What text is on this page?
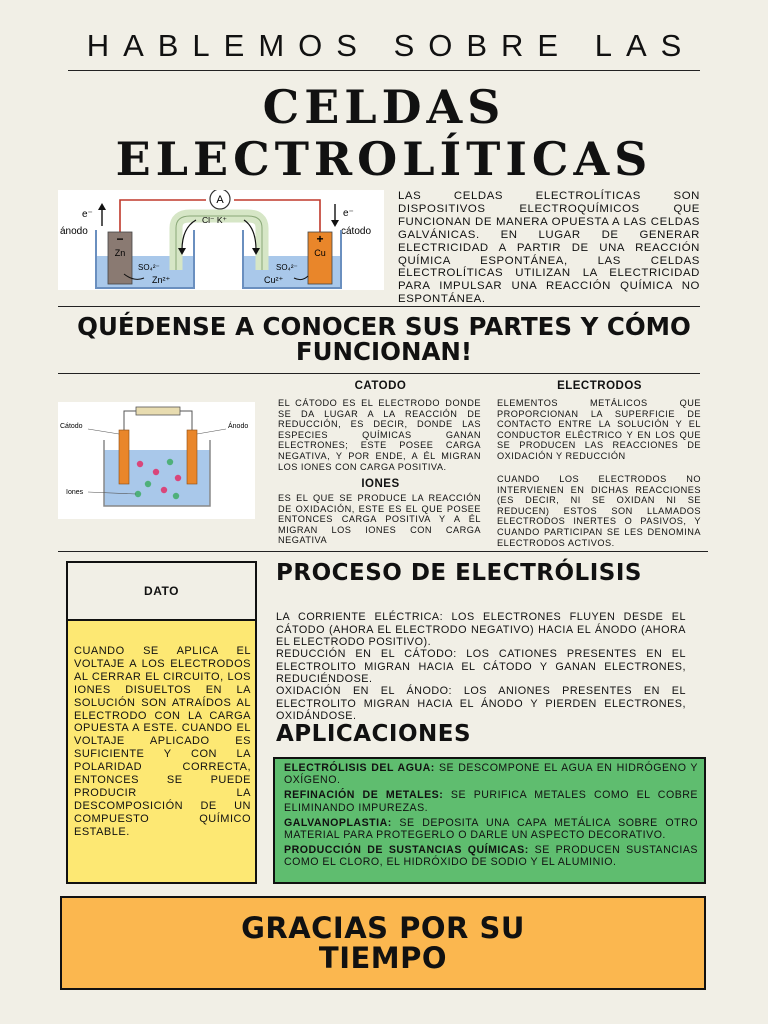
HABLEMOS SOBRE LAS
CELDAS
ELECTROLÍTICAS
A
e⁻	e⁻
ánodo	cátodo
Cl⁻ K⁺
−	+
Zn	Cu
SO₄²⁻	SO₄²⁻
Zn²⁺	Cu²⁺
LAS CELDAS ELECTROLÍTICAS SON DISPOSITIVOS ELECTROQUÍMICOS QUE FUNCIONAN DE MANERA OPUESTA A LAS CELDAS GALVÁNICAS. EN LUGAR DE GENERAR ELECTRICIDAD A PARTIR DE UNA REACCIÓN QUÍMICA ESPONTÁNEA, LAS CELDAS ELECTROLÍTICAS UTILIZAN LA ELECTRICIDAD PARA IMPULSAR UNA REACCIÓN QUÍMICA NO ESPONTÁNEA.
QUÉDENSE A CONOCER SUS PARTES Y CÓMO FUNCIONAN!
Cátodo	Ánodo
Iones
CATODO
EL CÁTODO ES EL ELECTRODO DONDE SE DA LUGAR A LA REACCIÓN DE REDUCCIÓN, ES DECIR, DONDE LAS ESPECIES QUÍMICAS GANAN ELECTRONES; ESTE POSEE CARGA NEGATIVA, Y POR ENDE, A ÉL MIGRAN LOS IONES CON CARGA POSITIVA.
IONES
ES EL QUE SE PRODUCE LA REACCIÓN DE OXIDACIÓN, ESTE ES EL QUE POSEE ENTONCES CARGA POSITIVA Y A ÉL MIGRAN LOS IONES CON CARGA NEGATIVA
ELECTRODOS
ELEMENTOS METÁLICOS QUE PROPORCIONAN LA SUPERFICIE DE CONTACTO ENTRE LA SOLUCIÓN Y EL CONDUCTOR ELÉCTRICO Y EN LOS QUE SE PRODUCEN LAS REACCIONES DE OXIDACIÓN Y REDUCCIÓN
CUANDO LOS ELECTRODOS NO INTERVIENEN EN DICHAS REACCIONES (ES DECIR, NI SE OXIDAN NI SE REDUCEN) ESTOS SON LLAMADOS ELECTRODOS INERTES O PASIVOS, Y CUANDO PARTICIPAN SE LES DENOMINA ELECTRODOS ACTIVOS.
DATO
CUANDO SE APLICA EL VOLTAJE A LOS ELECTRODOS AL CERRAR EL CIRCUITO, LOS IONES DISUELTOS EN LA SOLUCIÓN SON ATRAÍDOS AL ELECTRODO CON LA CARGA OPUESTA A ESTE. CUANDO EL VOLTAJE APLICADO ES SUFICIENTE Y CON LA POLARIDAD CORRECTA, ENTONCES SE PUEDE PRODUCIR LA DESCOMPOSICIÓN DE UN COMPUESTO QUÍMICO ESTABLE.
PROCESO DE ELECTRÓLISIS
LA CORRIENTE ELÉCTRICA: LOS ELECTRONES FLUYEN DESDE EL CÁTODO (AHORA EL ELECTRODO NEGATIVO) HACIA EL ÁNODO (AHORA EL ELECTRODO POSITIVO).
REDUCCIÓN EN EL CÁTODO: LOS CATIONES PRESENTES EN EL ELECTROLITO MIGRAN HACIA EL CÁTODO Y GANAN ELECTRONES, REDUCIÉNDOSE.
OXIDACIÓN EN EL ÁNODO: LOS ANIONES PRESENTES EN EL ELECTROLITO MIGRAN HACIA EL ÁNODO Y PIERDEN ELECTRONES, OXIDÁNDOSE.
APLICACIONES

ELECTRÓLISIS DEL AGUA: SE DESCOMPONE EL AGUA EN HIDRÓGENO Y OXÍGENO.

REFINACIÓN DE METALES: SE PURIFICA METALES COMO EL COBRE ELIMINANDO IMPUREZAS.

GALVANOPLASTIA: SE DEPOSITA UNA CAPA METÁLICA SOBRE OTRO MATERIAL PARA PROTEGERLO O DARLE UN ASPECTO DECORATIVO.

PRODUCCIÓN DE SUSTANCIAS QUÍMICAS: SE PRODUCEN SUSTANCIAS COMO EL CLORO, EL HIDRÓXIDO DE SODIO Y EL ALUMINIO.

GRACIAS POR SU
TIEMPO
